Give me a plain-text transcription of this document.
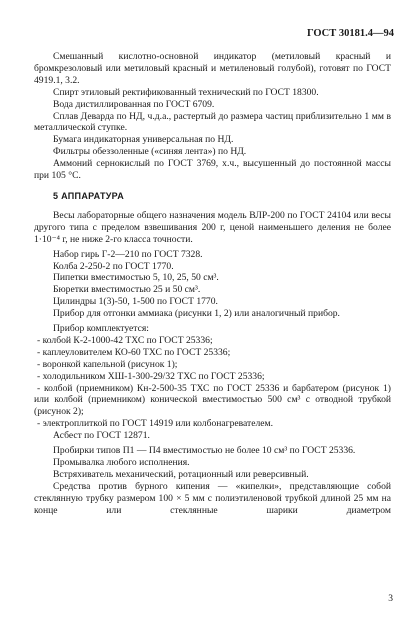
ГОСТ 30181.4—94

Смешанный кислотно-основной индикатор (метиловый красный и бромкрезоловый или метиловый красный и метиленовый голубой), готовят по ГОСТ 4919.1, 3.2.

Спирт этиловый ректификованный технический по ГОСТ 18300.

Вода дистиллированная по ГОСТ 6709.

Сплав Деварда по НД, ч.д.а., растертый до размера частиц приблизительно 1 мм в металлической ступке.

Бумага индикаторная универсальная по НД.

Фильтры обеззоленные («синяя лента») по НД.

Аммоний сернокислый по ГОСТ 3769, х.ч., высушенный до постоянной массы при 105 °С.

5 АППАРАТУРА

Весы лабораторные общего назначения модель ВЛР-200 по ГОСТ 24104 или весы другого типа с пределом взвешивания 200 г, ценой наименьшего деления не более 1·10⁻⁴ г, не ниже 2-го класса точности.

Набор гирь Г-2—210 по ГОСТ 7328.

Колба 2-250-2 по ГОСТ 1770.

Пипетки вместимостью 5, 10, 25, 50 см³.

Бюретки вместимостью 25 и 50 см³.

Цилиндры 1(3)-50, 1-500 по ГОСТ 1770.

Прибор для отгонки аммиака (рисунки 1, 2) или аналогичный прибор.

Прибор комплектуется:

- колбой К-2-1000-42 ТХС по ГОСТ 25336;

- каплеуловителем КО-60 ТХС по ГОСТ 25336;

- воронкой капельной (рисунок 1);

- холодильником ХШ-1-300-29/32 ТХС по ГОСТ 25336;

- колбой (приемником) Кн-2-500-35 ТХС по ГОСТ 25336 и барбатером (рисунок 1) или колбой (приемником) конической вместимостью 500 см³ с отводной трубкой (рисунок 2);

- электроплиткой по ГОСТ 14919 или колбонагревателем.

Асбест по ГОСТ 12871.

Пробирки типов П1 — П4 вместимостью не более 10 см³ по ГОСТ 25336.

Промывалка любого исполнения.

Встряхиватель механический, ротационный или реверсивный.

Средства против бурного кипения — «кипелки», представляющие собой стеклянную трубку размером 100 × 5 мм с полиэтиленовой трубкой длиной 25 мм на конце или стеклянные шарики диаметром

3
